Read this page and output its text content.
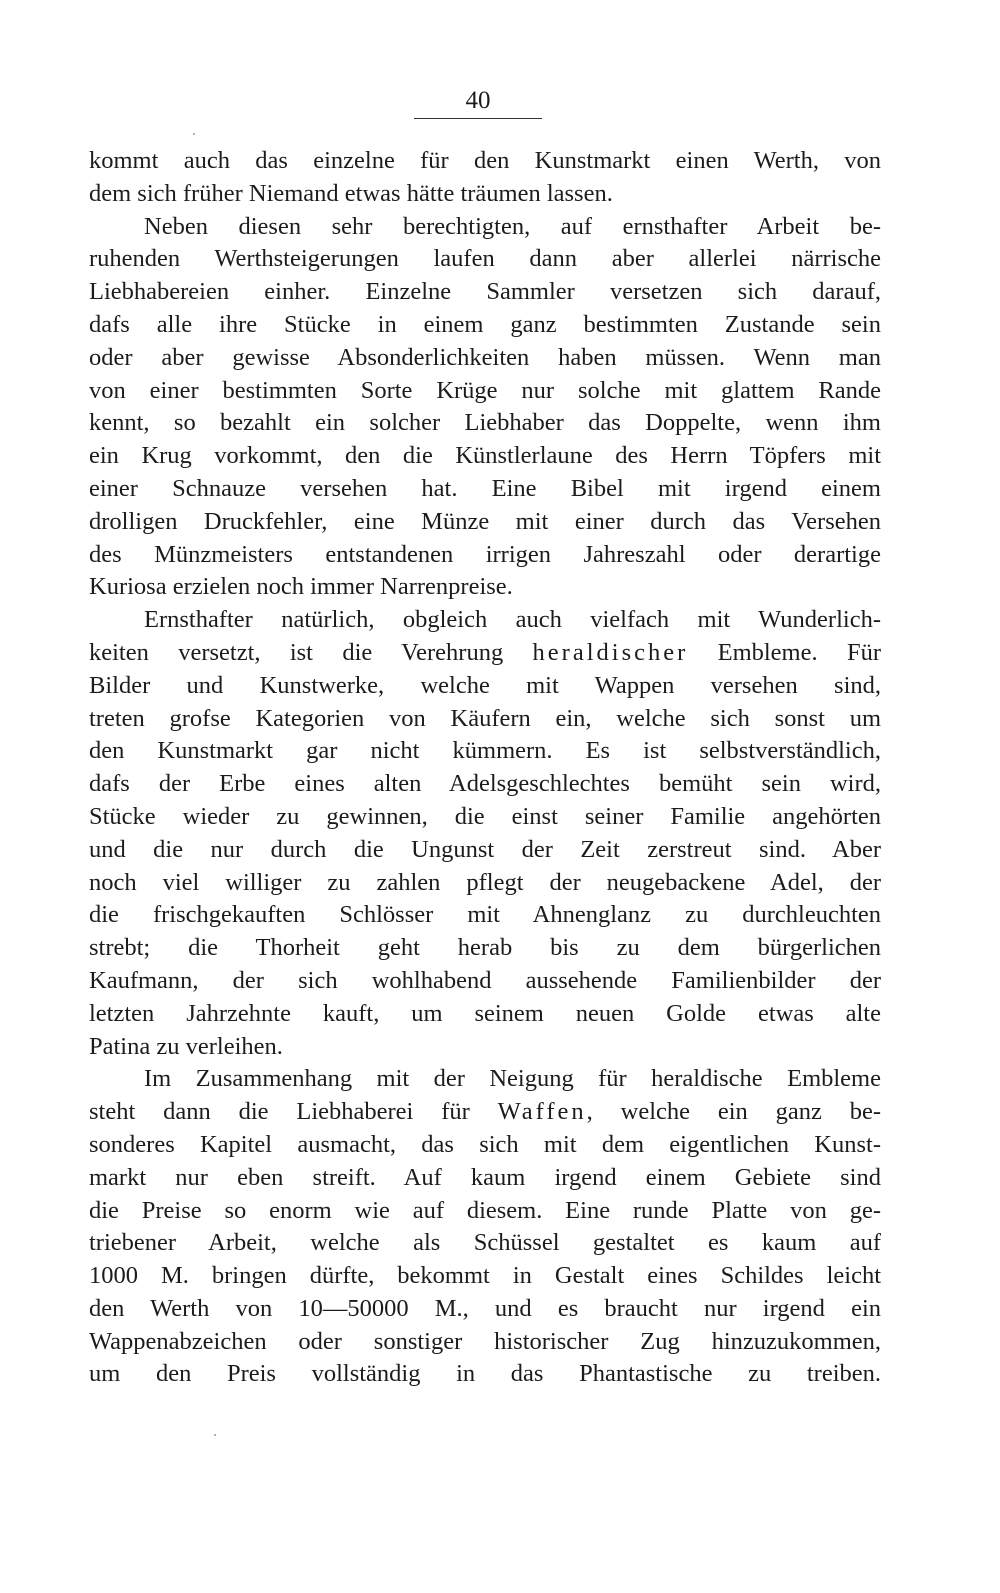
40
kommt auch das einzelne für den Kunstmarkt einen Werth, von
dem sich früher Niemand etwas hätte träumen lassen.
Neben diesen sehr berechtigten, auf ernsthafter Arbeit be-
ruhenden Werthsteigerungen laufen dann aber allerlei närrische
Liebhabereien einher. Einzelne Sammler versetzen sich darauf,
dafs alle ihre Stücke in einem ganz bestimmten Zustande sein
oder aber gewisse Absonderlichkeiten haben müssen. Wenn man
von einer bestimmten Sorte Krüge nur solche mit glattem Rande
kennt, so bezahlt ein solcher Liebhaber das Doppelte, wenn ihm
ein Krug vorkommt, den die Künstlerlaune des Herrn Töpfers mit
einer Schnauze versehen hat. Eine Bibel mit irgend einem
drolligen Druckfehler, eine Münze mit einer durch das Versehen
des Münzmeisters entstandenen irrigen Jahreszahl oder derartige
Kuriosa erzielen noch immer Narrenpreise.
Ernsthafter natürlich, obgleich auch vielfach mit Wunderlich-
keiten versetzt, ist die Verehrung heraldischer Embleme. Für
Bilder und Kunstwerke, welche mit Wappen versehen sind,
treten grofse Kategorien von Käufern ein, welche sich sonst um
den Kunstmarkt gar nicht kümmern. Es ist selbstverständlich,
dafs der Erbe eines alten Adelsgeschlechtes bemüht sein wird,
Stücke wieder zu gewinnen, die einst seiner Familie angehörten
und die nur durch die Ungunst der Zeit zerstreut sind. Aber
noch viel williger zu zahlen pflegt der neugebackene Adel, der
die frischgekauften Schlösser mit Ahnenglanz zu durchleuchten
strebt; die Thorheit geht herab bis zu dem bürgerlichen
Kaufmann, der sich wohlhabend aussehende Familienbilder der
letzten Jahrzehnte kauft, um seinem neuen Golde etwas alte
Patina zu verleihen.
Im Zusammenhang mit der Neigung für heraldische Embleme
steht dann die Liebhaberei für Waffen, welche ein ganz be-
sonderes Kapitel ausmacht, das sich mit dem eigentlichen Kunst-
markt nur eben streift. Auf kaum irgend einem Gebiete sind
die Preise so enorm wie auf diesem. Eine runde Platte von ge-
triebener Arbeit, welche als Schüssel gestaltet es kaum auf
1000 M. bringen dürfte, bekommt in Gestalt eines Schildes leicht
den Werth von 10—50000 M., und es braucht nur irgend ein
Wappenabzeichen oder sonstiger historischer Zug hinzuzukommen,
um den Preis vollständig in das Phantastische zu treiben.
